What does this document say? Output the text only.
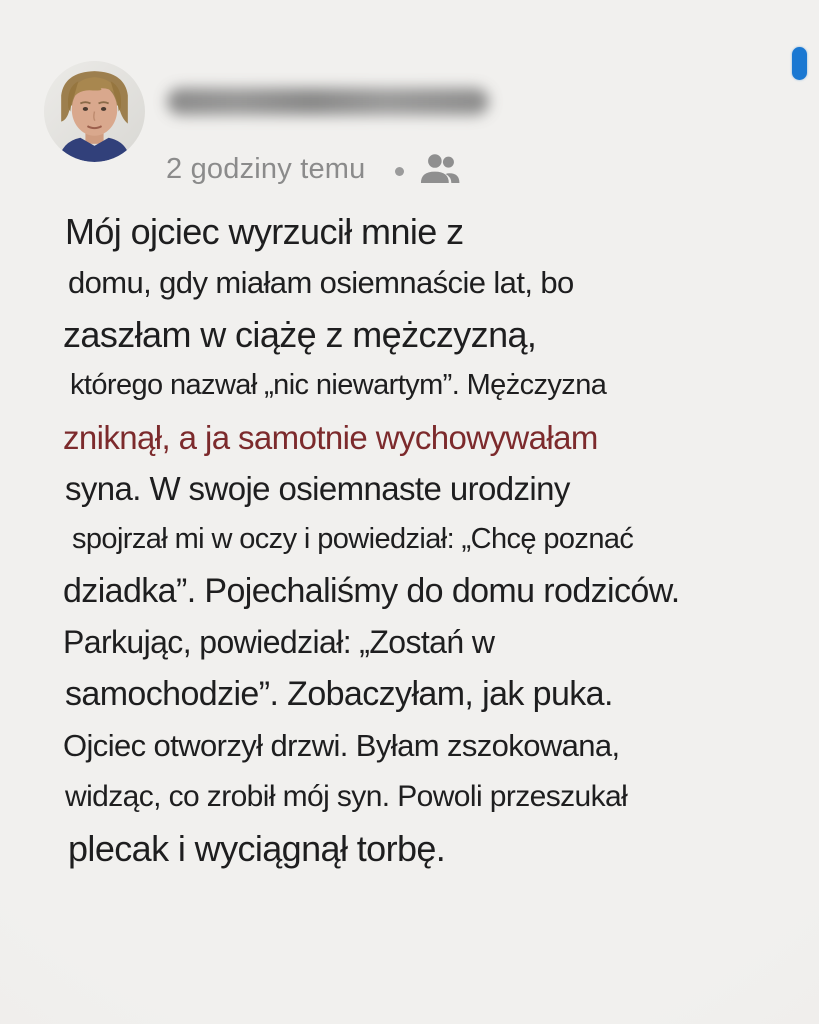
2 godziny temu
Mój ojciec wyrzucił mnie z
domu, gdy miałam osiemnaście lat, bo
zaszłam w ciążę z mężczyzną,
którego nazwał „nic niewartym”. Mężczyzna
zniknął, a ja samotnie wychowywałam
syna. W swoje osiemnaste urodziny
spojrzał mi w oczy i powiedział: „Chcę poznać
dziadka”. Pojechaliśmy do domu rodziców.
Parkując, powiedział: „Zostań w
samochodzie”. Zobaczyłam, jak puka.
Ojciec otworzył drzwi. Byłam zszokowana,
widząc, co zrobił mój syn. Powoli przeszukał
plecak i wyciągnął torbę.
